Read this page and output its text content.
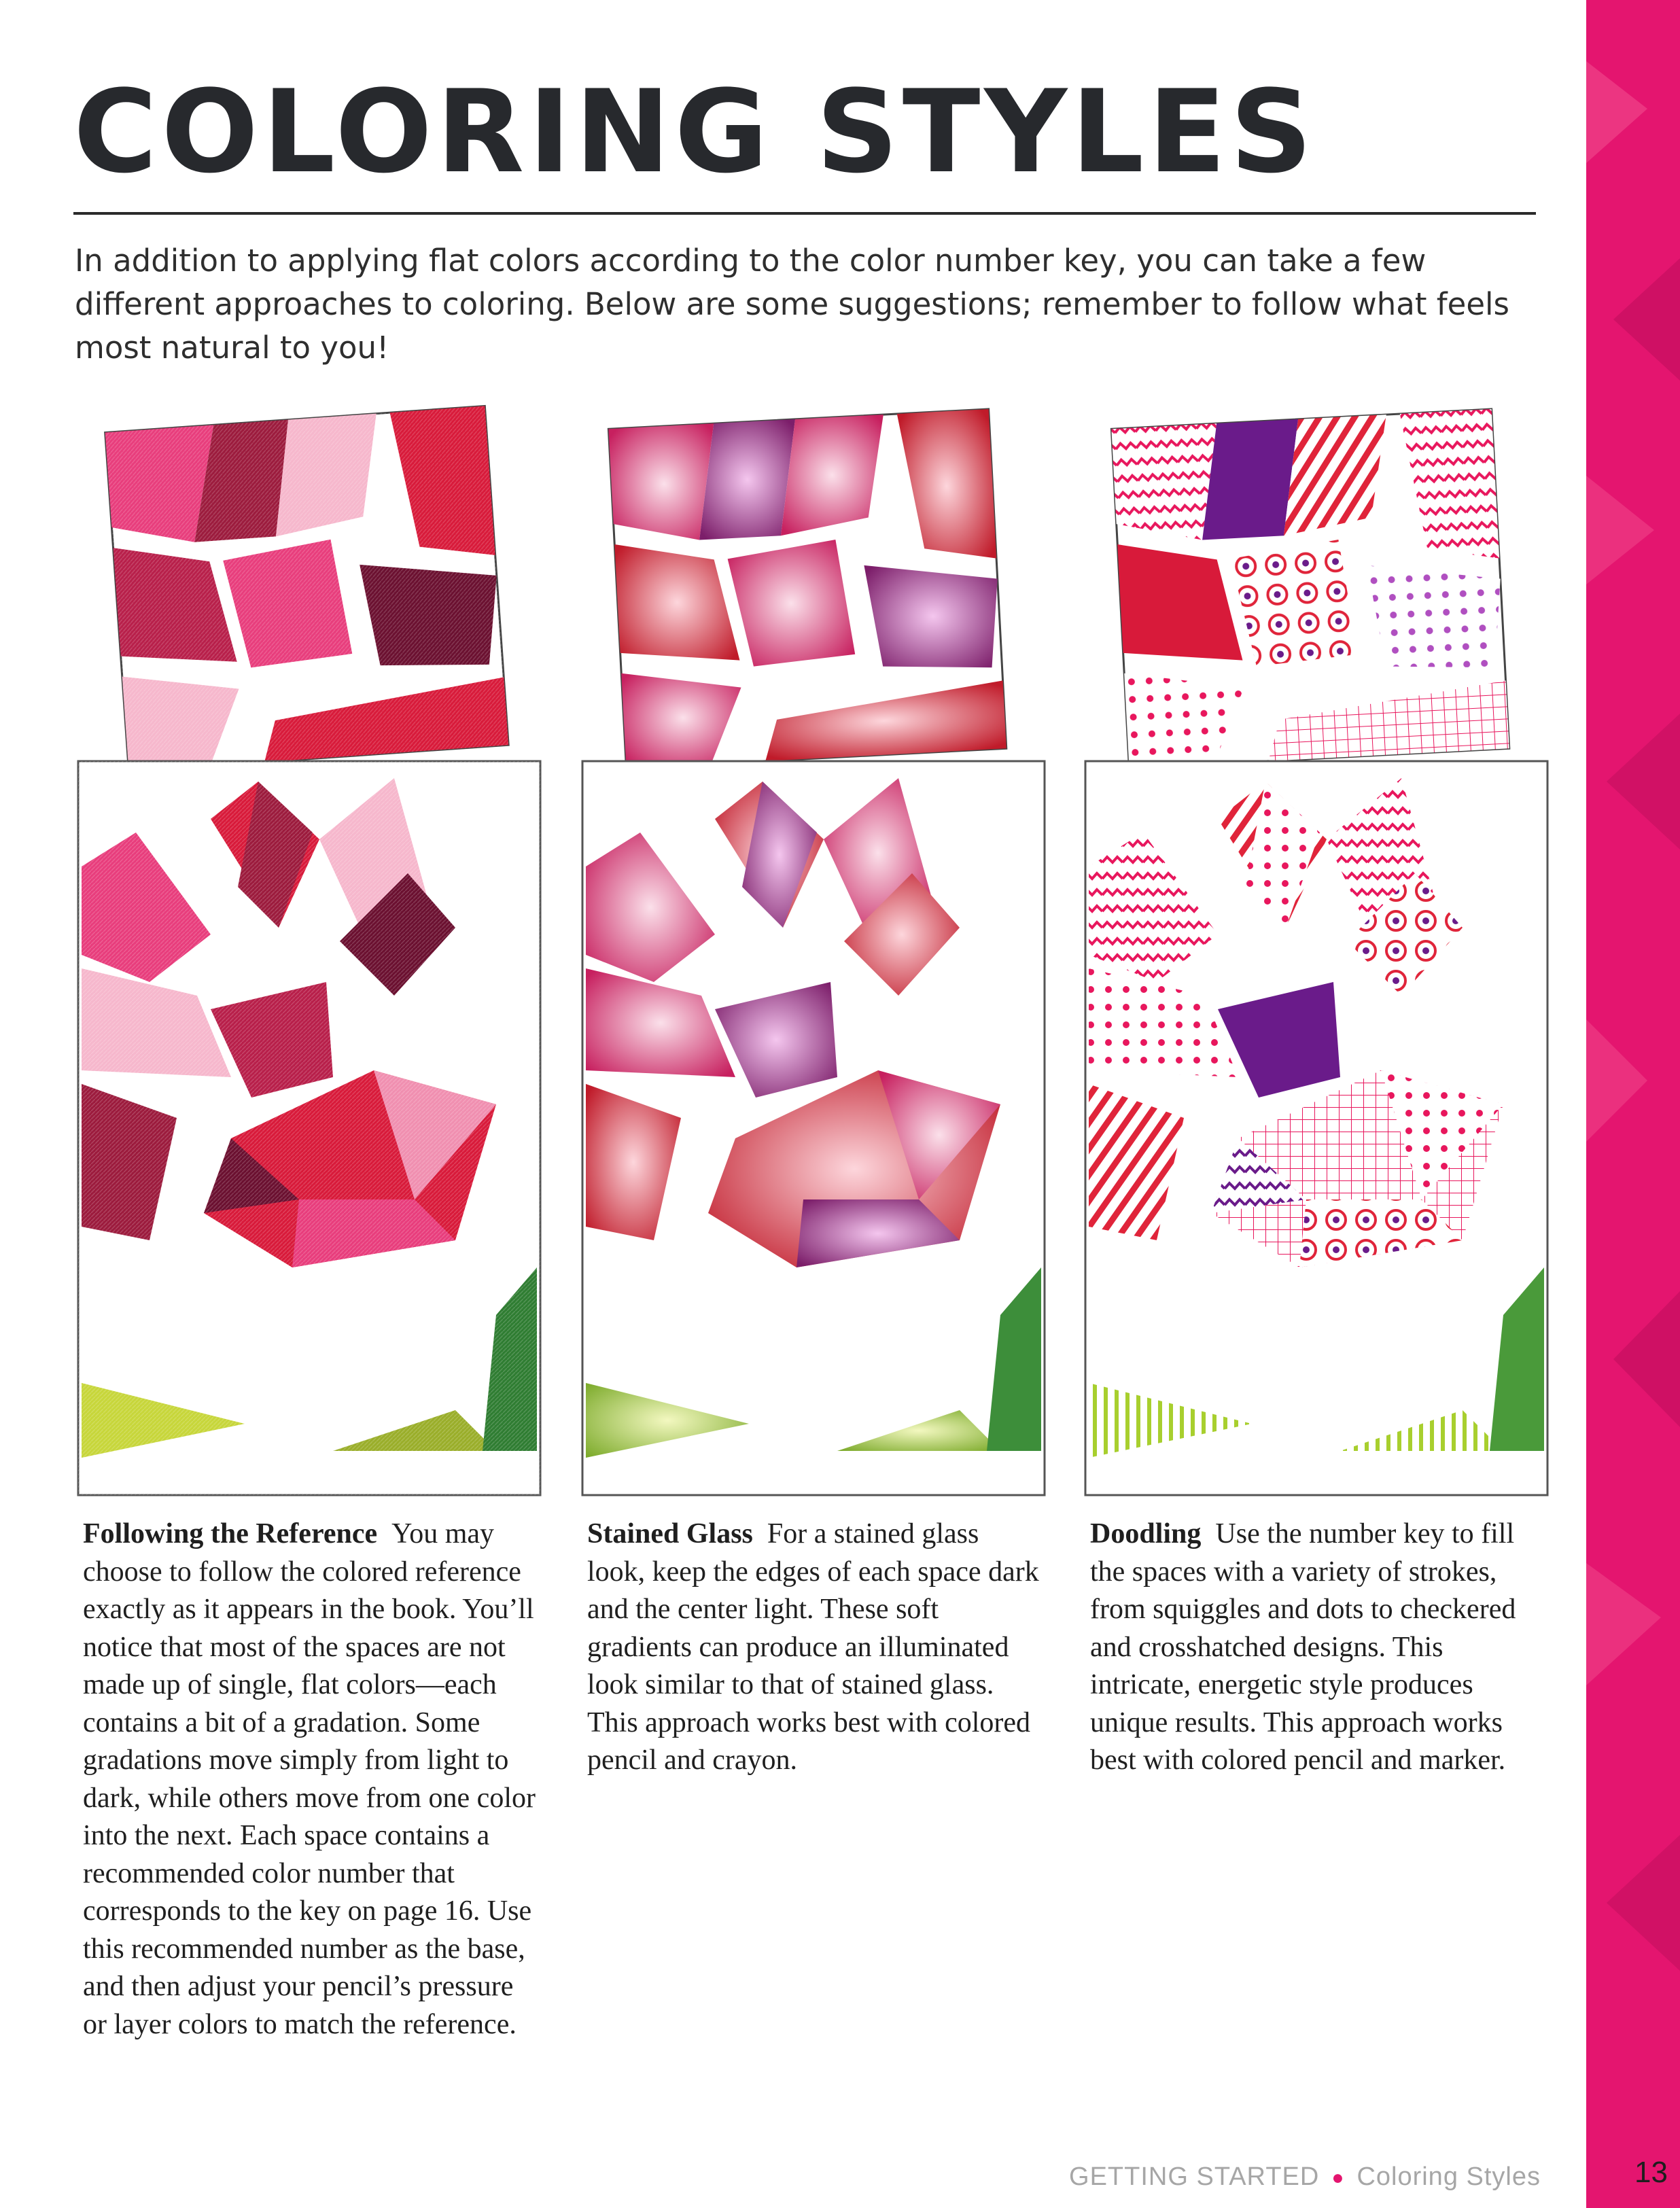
COLORING STYLES

In addition to applying flat colors according to the color number key, you can take a few different approaches to coloring. Below are some suggestions; remember to follow what feels most natural to you!

Following the Reference You may choose to follow the colored reference exactly as it appears in the book. You’ll notice that most of the spaces are not made up of single, flat colors—each contains a bit of a gradation. Some gradations move simply from light to dark, while others move from one color into the next. Each space contains a recommended color number that corresponds to the key on page 16. Use this recommended number as the base, and then adjust your pencil’s pressure or layer colors to match the reference.

Stained Glass For a stained glass look, keep the edges of each space dark and the center light. These soft gradients can produce an illuminated look similar to that of stained glass. This approach works best with colored pencil and crayon.

Doodling Use the number key to fill the spaces with a variety of strokes, from squiggles and dots to checkered and crosshatched designs. This intricate, energetic style produces unique results. This approach works best with colored pencil and marker.

GETTING STARTED ● Coloring Styles	13
